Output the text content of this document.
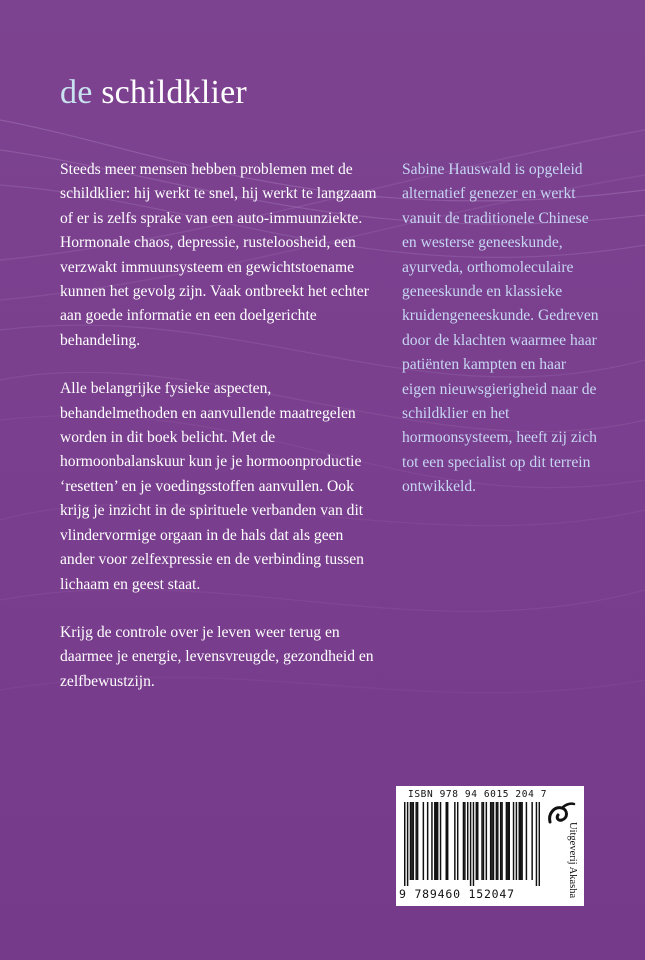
de schildklier

Steeds meer mensen hebben problemen met de schildklier: hij werkt te snel, hij werkt te langzaam of er is zelfs sprake van een auto-immuunziekte. Hormonale chaos, depressie, rusteloosheid, een verzwakt immuunsysteem en gewichtstoename kunnen het gevolg zijn. Vaak ontbreekt het echter aan goede informatie en een doelgerichte behandeling.

Alle belangrijke fysieke aspecten, behandelmethoden en aanvullende maatregelen worden in dit boek belicht. Met de hormoonbalanskuur kun je je hormoonproductie ‘resetten’ en je voedingsstoffen aanvullen. Ook krijg je inzicht in de spirituele verbanden van dit vlindervormige orgaan in de hals dat als geen ander voor zelfexpressie en de verbinding tussen lichaam en geest staat.

Krijg de controle over je leven weer terug en daarmee je energie, levensvreugde, gezondheid en zelfbewustzijn.

Sabine Hauswald is opgeleid alternatief genezer en werkt vanuit de traditionele Chinese en westerse geneeskunde, ayurveda, orthomoleculaire geneeskunde en klassieke kruidengeneeskunde. Gedreven door de klachten waarmee haar patiënten kampten en haar eigen nieuwsgierigheid naar de schildklier en het hormoonsysteem, heeft zij zich tot een specialist op dit terrein ontwikkeld.

ISBN 978 94 6015 204 7
9 789460 152047	Uitgeverij Akasha
